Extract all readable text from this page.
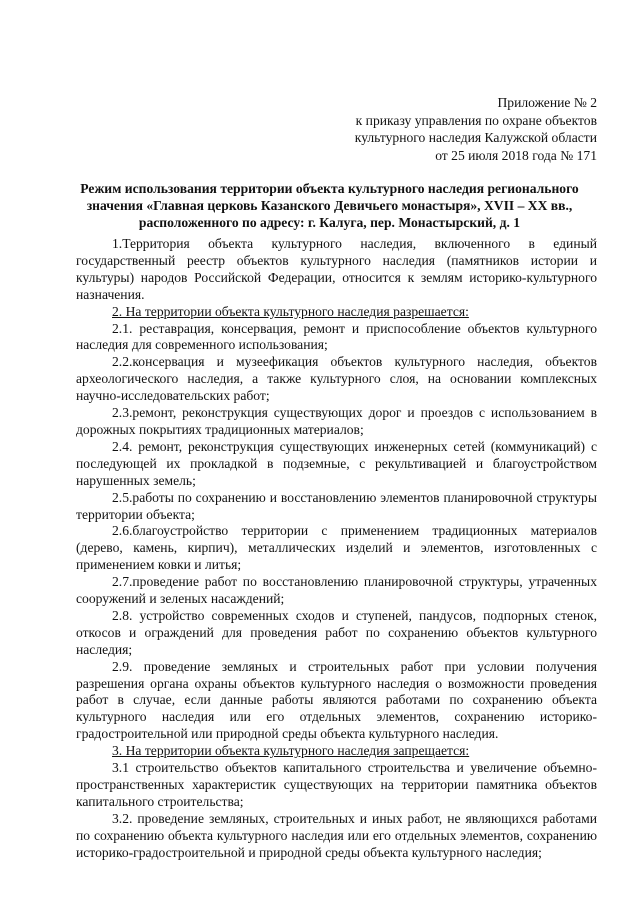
Приложение № 2
к приказу управления по охране объектов
культурного наследия Калужской области
от 25 июля 2018 года № 171
Режим использования территории объекта культурного наследия регионального значения «Главная церковь Казанского Девичьего монастыря», XVII – XX вв., расположенного по адресу: г. Калуга, пер. Монастырский, д. 1

1.Территория объекта культурного наследия, включенного в единый государственный реестр объектов культурного наследия (памятников истории и культуры) народов Российской Федерации, относится к землям историко-культурного назначения.

2. На территории объекта культурного наследия разрешается:

2.1. реставрация, консервация, ремонт и приспособление объектов культурного наследия для современного использования;

2.2.консервация и музеефикация объектов культурного наследия, объектов археологического наследия, а также культурного слоя, на основании комплексных научно-исследовательских работ;

2.3.ремонт, реконструкция существующих дорог и проездов с использованием в дорожных покрытиях традиционных материалов;

2.4. ремонт, реконструкция существующих инженерных сетей (коммуникаций) с последующей их прокладкой в подземные, с рекультивацией и благоустройством нарушенных земель;

2.5.работы по сохранению и восстановлению элементов планировочной структуры территории объекта;

2.6.благоустройство территории с применением традиционных материалов (дерево, камень, кирпич), металлических изделий и элементов, изготовленных с применением ковки и литья;

2.7.проведение работ по восстановлению планировочной структуры, утраченных сооружений и зеленых насаждений;

2.8. устройство современных сходов и ступеней, пандусов, подпорных стенок, откосов и ограждений для проведения работ по сохранению объектов культурного наследия;

2.9. проведение земляных и строительных работ при условии получения разрешения органа охраны объектов культурного наследия о возможности проведения работ в случае, если данные работы являются работами по сохранению объекта культурного наследия или его отдельных элементов, сохранению историко-градостроительной или природной среды объекта культурного наследия.

3. На территории объекта культурного наследия запрещается:

3.1 строительство объектов капитального строительства и увеличение объемно-пространственных характеристик существующих на территории памятника объектов капитального строительства;

3.2. проведение земляных, строительных и иных работ, не являющихся работами по сохранению объекта культурного наследия или его отдельных элементов, сохранению историко-градостроительной и природной среды объекта культурного наследия;
